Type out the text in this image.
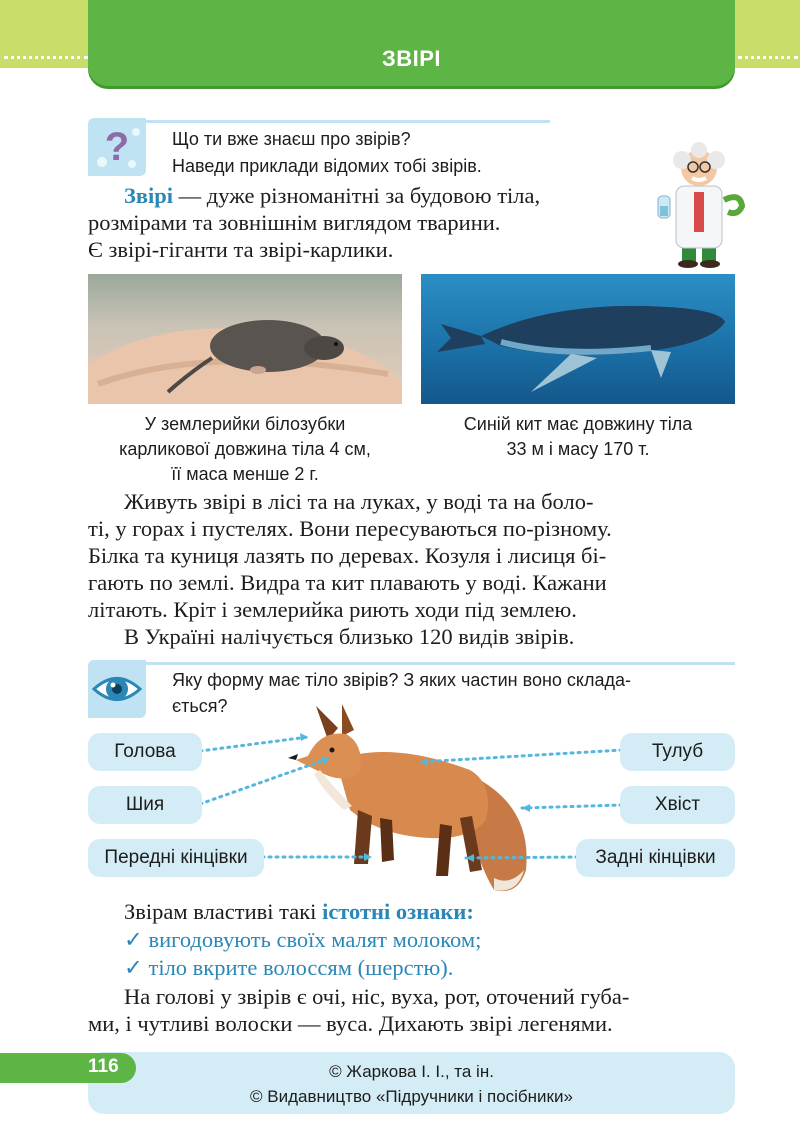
ЗВІРІ
? Що ти вже знаєш про звірів?
Наведи приклади відомих тобі звірів.
Звірі — дуже різноманітні за будовою тіла,
розмірами та зовнішнім виглядом тварини.
Є звірі-гіганти та звірі-карлики.
У землерийки білозубки
карликової довжина тіла 4 см,
її маса менше 2 г.
Синій кит має довжину тіла
33 м і масу 170 т.
Живуть звірі в лісі та на луках, у воді та на боло-
ті, у горах і пустелях. Вони пересуваються по-різному.
Білка та куниця лазять по деревах. Козуля і лисиця бі-
гають по землі. Видра та кит плавають у воді. Кажани
літають. Кріт і землерийка риють ходи під землею.
В Україні налічується близько 120 видів звірів.
Яку форму має тіло звірів? З яких частин воно склада-
ється?
Голова
Шия
Передні кінцівки
Тулуб
Хвіст
Задні кінцівки
Звірам властиві такі істотні ознаки:
✓ вигодовують своїх малят молоком;
✓ тіло вкрите волоссям (шерстю).
На голові у звірів є очі, ніс, вуха, рот, оточений губа-
ми, і чутливі волоски — вуса. Дихають звірі легенями.
116	© Жаркова І. І., та ін.
© Видавництво «Підручники і посібники»
